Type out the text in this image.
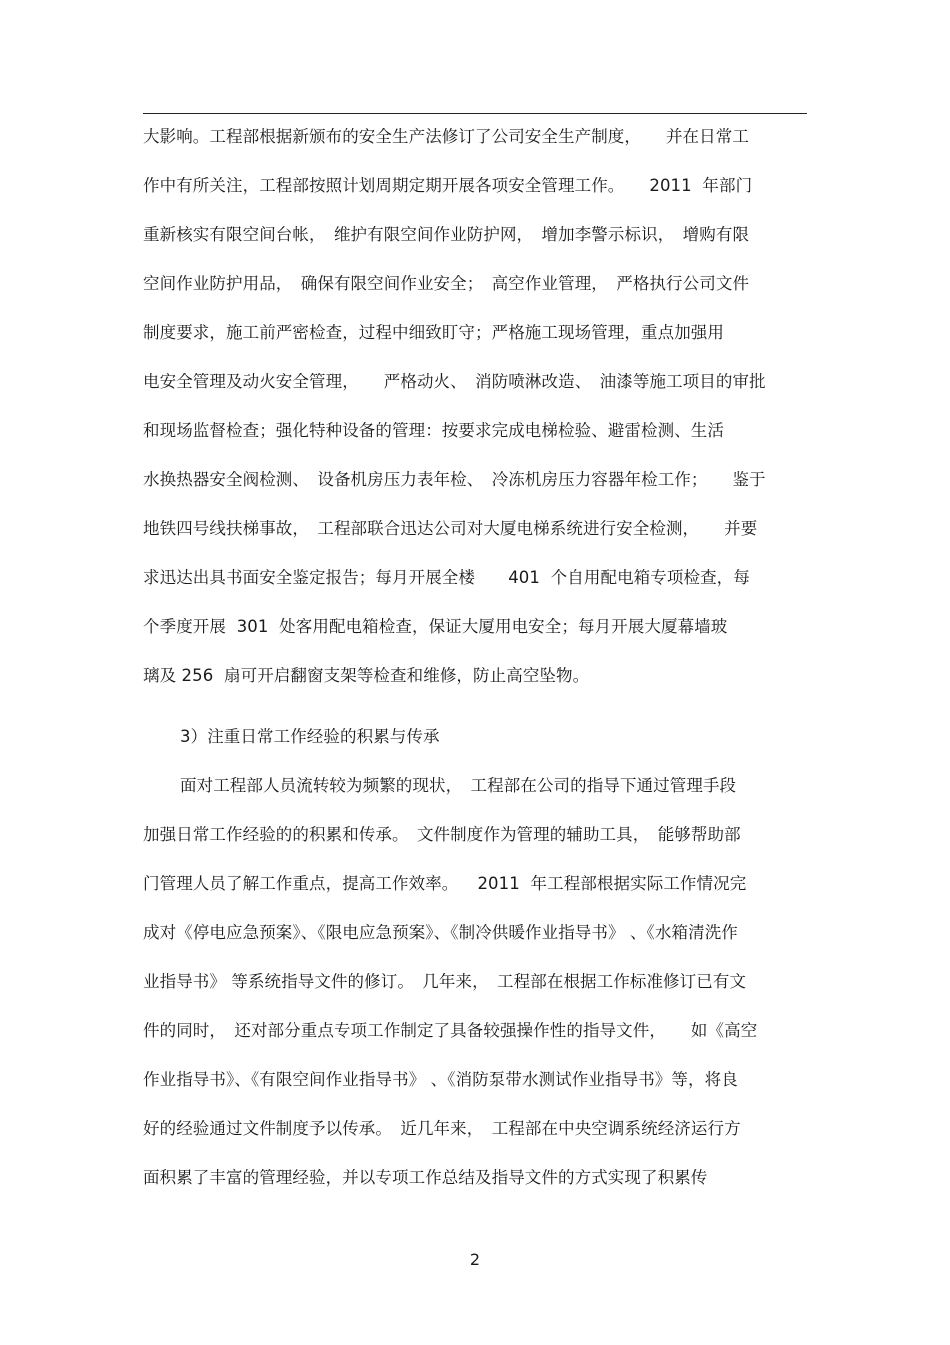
大影响。工程部根据新颁布的安全生产法修订了公司安全生产制度，　　并在日常工
作中有所关注，工程部按照计划周期定期开展各项安全管理工作。　　2011  年部门
重新核实有限空间台帐，　维护有限空间作业防护网，　增加李警示标识，　增购有限
空间作业防护用品，　确保有限空间作业安全；　高空作业管理，　严格执行公司文件
制度要求，施工前严密检查，过程中细致盯守；严格施工现场管理，重点加强用
电安全管理及动火安全管理，　　严格动火、　消防喷淋改造、　油漆等施工项目的审批
和现场监督检查；强化特种设备的管理：按要求完成电梯检验、避雷检测、生活
水换热器安全阀检测、　设备机房压力表年检、　冷冻机房压力容器年检工作；　　鉴于
地铁四号线扶梯事故，　工程部联合迅达公司对大厦电梯系统进行安全检测，　　并要
求迅达出具书面安全鉴定报告；每月开展全楼　　401  个自用配电箱专项检查，每
个季度开展  301  处客用配电箱检查，保证大厦用电安全；每月开展大厦幕墙玻
璃及 256  扇可开启翻窗支架等检查和维修，防止高空坠物。
3）注重日常工作经验的积累与传承
面对工程部人员流转较为频繁的现状，　工程部在公司的指导下通过管理手段
加强日常工作经验的的积累和传承。　文件制度作为管理的辅助工具，　能够帮助部
门管理人员了解工作重点，提高工作效率。　  2011  年工程部根据实际工作情况完
成对《停电应急预案》、《限电应急预案》、《制冷供暖作业指导书》 、《水箱清洗作
业指导书》 等系统指导文件的修订。　几年来，　工程部在根据工作标准修订已有文
件的同时，　还对部分重点专项工作制定了具备较强操作性的指导文件，　　如《高空
作业指导书》、《有限空间作业指导书》 、《消防泵带水测试作业指导书》等，将良
好的经验通过文件制度予以传承。　近几年来，　工程部在中央空调系统经济运行方
面积累了丰富的管理经验，并以专项工作总结及指导文件的方式实现了积累传
2
